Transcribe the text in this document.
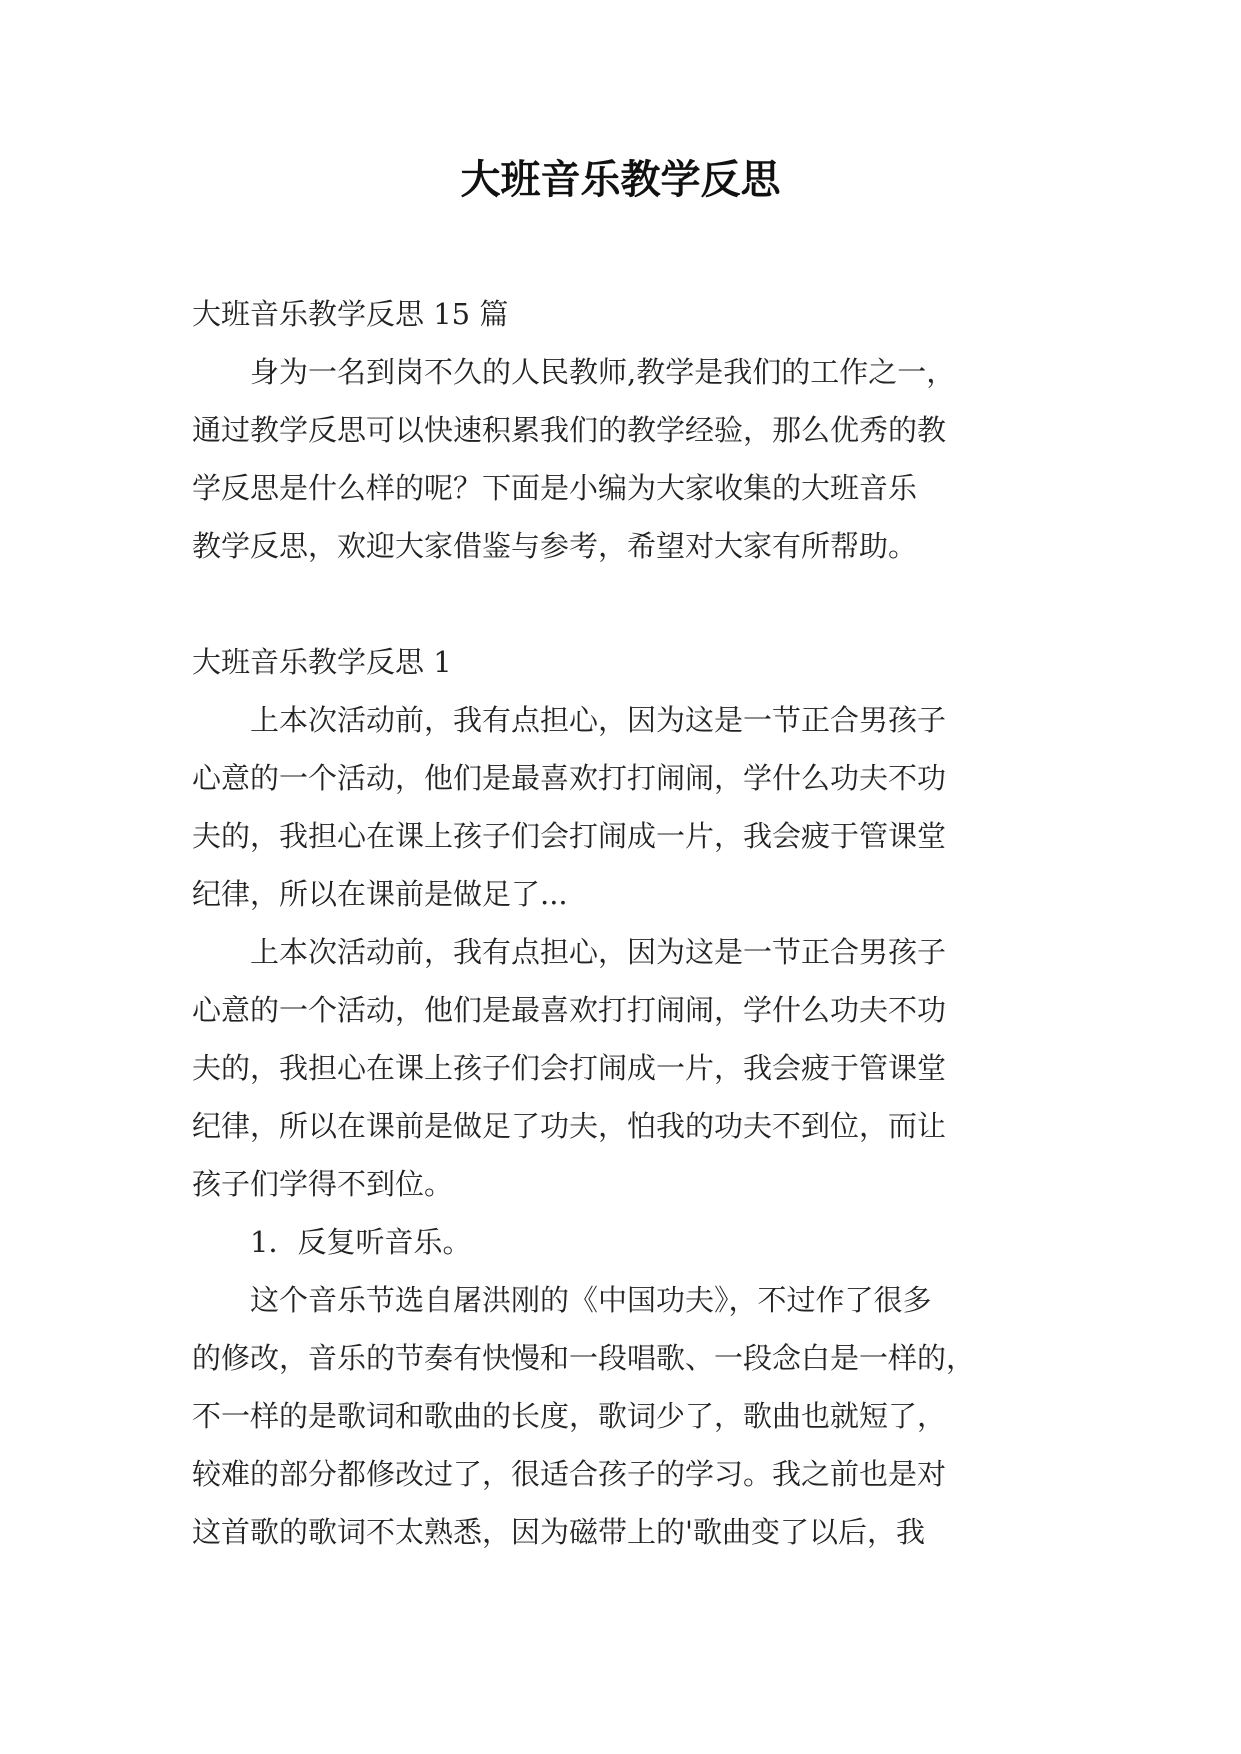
大班音乐教学反思

大班音乐教学反思 15 篇

　　身为一名到岗不久的人民教师,教学是我们的工作之一，

通过教学反思可以快速积累我们的教学经验，那么优秀的教

学反思是什么样的呢？下面是小编为大家收集的大班音乐

教学反思，欢迎大家借鉴与参考，希望对大家有所帮助。

大班音乐教学反思 1

　　上本次活动前，我有点担心，因为这是一节正合男孩子

心意的一个活动，他们是最喜欢打打闹闹，学什么功夫不功

夫的，我担心在课上孩子们会打闹成一片，我会疲于管课堂

纪律，所以在课前是做足了...

　　上本次活动前，我有点担心，因为这是一节正合男孩子

心意的一个活动，他们是最喜欢打打闹闹，学什么功夫不功

夫的，我担心在课上孩子们会打闹成一片，我会疲于管课堂

纪律，所以在课前是做足了功夫，怕我的功夫不到位，而让

孩子们学得不到位。

　　1．反复听音乐。

　　这个音乐节选自屠洪刚的《中国功夫》，不过作了很多

的修改，音乐的节奏有快慢和一段唱歌、一段念白是一样的，

不一样的是歌词和歌曲的长度，歌词少了，歌曲也就短了，

较难的部分都修改过了，很适合孩子的学习。我之前也是对

这首歌的歌词不太熟悉，因为磁带上的'歌曲变了以后，我
